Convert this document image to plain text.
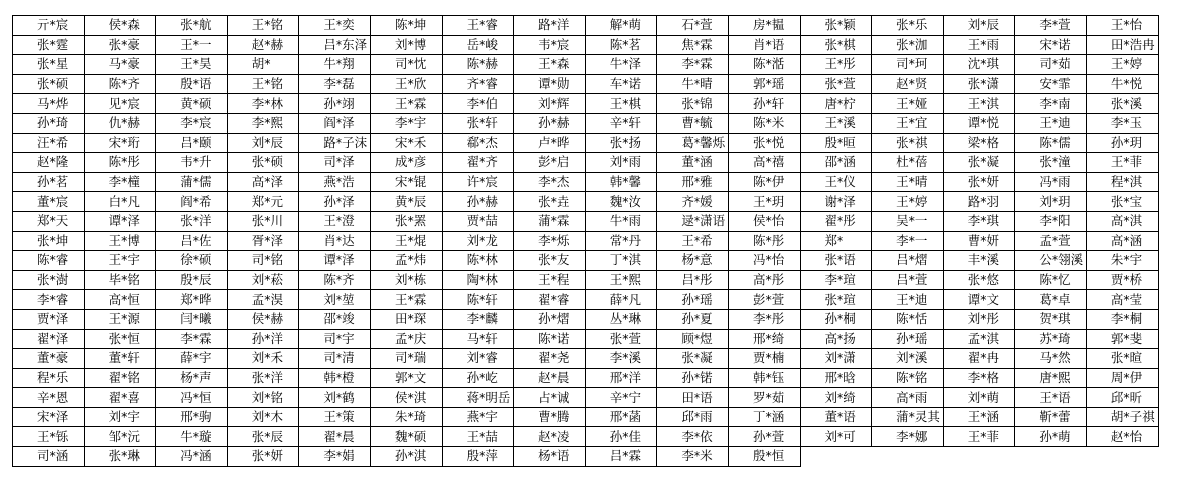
亓*宸	侯*森	张*航	王*铭	王*奕	陈*坤	王*睿	路*洋	解*萌	石*萱	房*韫	张*颖	张*乐	刘*辰	李*萱	王*怡
张*霆	张*豪	王*一	赵*赫	吕*东泽	刘*博	岳*峻	韦*宸	陈*茗	焦*霖	肖*语	张*棋	张*泇	王*雨	宋*诺	田*浩冉
张*星	马*豪	王*昊	胡*	牛*翔	司*忱	陈*赫	王*森	牛*泽	李*霖	陈*湉	王*彤	司*珂	沈*琪	司*茹	王*婷
张*硕	陈*齐	殷*语	王*铭	李*磊	王*欣	齐*睿	谭*勋	车*诺	牛*晴	郭*瑶	张*萱	赵*贤	张*潇	安*霏	牛*悦
马*烨	见*宸	黄*硕	李*林	孙*翊	王*霖	李*伯	刘*辉	王*棋	张*锦	孙*轩	唐*柠	王*娅	王*淇	李*南	张*溪
孙*琦	仇*赫	李*宸	李*熙	阎*泽	李*宇	张*轩	孙*赫	辛*轩	曹*毓	陈*米	王*溪	王*宜	谭*悦	王*迪	李*玉
汪*希	宋*珩	吕*颐	刘*辰	路*子沫	宋*禾	郗*杰	卢*晔	张*扬	葛*馨烁	张*悦	殷*晅	张*祺	梁*格	陈*儒	孙*玥
赵*隆	陈*彤	韦*升	张*硕	司*泽	成*彦	翟*齐	彭*启	刘*雨	董*涵	高*禧	邵*涵	杜*蓓	张*凝	张*潼	王*菲
孙*茗	李*橦	蒲*儒	高*泽	燕*浩	宋*锟	许*宸	李*杰	韩*馨	邢*雅	陈*伊	王*仪	王*晴	张*妍	冯*雨	程*淇
董*宸	白*凡	阎*希	郑*元	孙*泽	黄*辰	孙*赫	张*垚	魏*汝	齐*媛	王*玥	谢*泽	王*婷	路*羽	刘*玥	张*宝
郑*天	谭*泽	张*洋	张*川	王*澄	张*罴	贾*喆	蒲*霖	牛*雨	逯*潇语	侯*怡	翟*彤	吴*一	李*琪	李*阳	高*淇
张*坤	王*博	吕*佐	胥*泽	肖*达	王*焜	刘*龙	李*烁	常*丹	王*希	陈*彤	郑*	李*一	曹*妍	孟*萱	高*涵
陈*睿	王*宇	徐*硕	司*铭	谭*泽	孟*炜	陈*林	张*友	丁*淇	杨*意	冯*怡	张*语	吕*熠	丰*溪	公*翎溪	朱*宇
张*澍	毕*铭	殷*辰	刘*菘	陈*齐	刘*栋	陶*林	王*程	王*熙	吕*彤	高*彤	李*瑄	吕*萱	张*悠	陈*忆	贾*桥
李*睿	高*恒	郑*晔	孟*淏	刘*堃	王*霖	陈*轩	翟*睿	薛*凡	孙*瑶	彭*萱	张*瑄	王*迪	谭*文	葛*卓	高*莹
贾*泽	王*源	闫*曦	侯*赫	邵*竣	田*琛	李*麟	孙*熠	丛*琳	孙*夏	李*彤	孙*桐	陈*恬	刘*彤	贺*琪	李*桐
翟*泽	张*恒	李*霖	孙*洋	司*宇	孟*庆	马*轩	陈*诺	张*萱	顾*煜	邢*绮	高*扬	孙*瑶	孟*淇	苏*琦	郭*斐
董*豪	董*轩	薛*宇	刘*禾	司*清	司*瑞	刘*睿	翟*尧	李*溪	张*凝	贾*楠	刘*潇	刘*溪	翟*冉	马*然	张*暄
程*乐	翟*铭	杨*声	张*洋	韩*橙	郭*文	孙*屹	赵*晨	邢*洋	孙*锘	韩*钰	邢*晗	陈*铭	李*格	唐*熙	周*伊
辛*恩	翟*喜	冯*恒	刘*铭	刘*鹤	侯*淇	蒋*明岳	占*诚	辛*宁	田*语	罗*茹	刘*绮	高*雨	刘*萌	王*语	邱*昕
宋*泽	刘*宇	邢*驹	刘*木	王*策	朱*琦	燕*宇	曹*腾	邢*菡	邱*雨	丁*涵	董*语	蒲*灵其	王*涵	靳*蕾	胡*子祺
王*铄	邹*沅	牛*璇	张*辰	翟*晨	魏*硕	王*喆	赵*凌	孙*佳	李*依	孙*萱	刘*可	李*娜	王*菲	孙*萌	赵*怡
司*涵	张*琳	冯*涵	张*妍	李*娟	孙*淇	殷*萍	杨*语	吕*霖	李*米	殷*恒					
